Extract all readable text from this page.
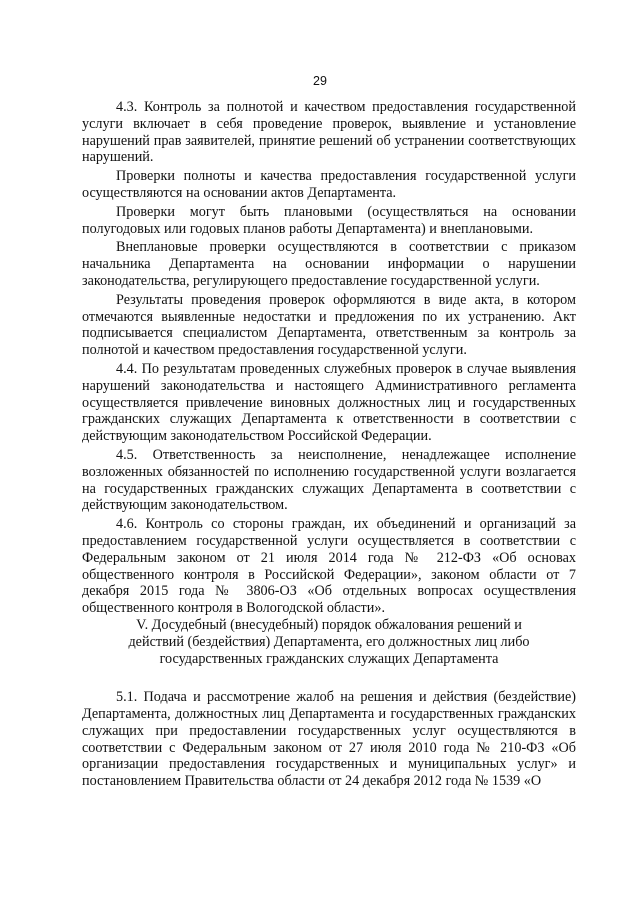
29

4.3. Контроль за полнотой и качеством предоставления государственной услуги включает в себя проведение проверок, выявление и установление нарушений прав заявителей, принятие решений об устранении соответствующих нарушений.

Проверки полноты и качества предоставления государственной услуги осуществляются на основании актов Департамента.

Проверки могут быть плановыми (осуществляться на основании полугодовых или годовых планов работы Департамента) и внеплановыми.

Внеплановые проверки осуществляются в соответствии с приказом начальника Департамента на основании информации о нарушении законодательства, регулирующего предоставление государственной услуги.

Результаты проведения проверок оформляются в виде акта, в котором отмечаются выявленные недостатки и предложения по их устранению. Акт подписывается специалистом Департамента, ответственным за контроль за полнотой и качеством предоставления государственной услуги.

4.4. По результатам проведенных служебных проверок в случае выявления нарушений законодательства и настоящего Административного регламента осуществляется привлечение виновных должностных лиц и государственных гражданских служащих Департамента к ответственности в соответствии с действующим законодательством Российской Федерации.

4.5. Ответственность за неисполнение, ненадлежащее исполнение возложенных обязанностей по исполнению государственной услуги возлагается на государственных гражданских служащих Департамента в соответствии с действующим законодательством.

4.6. Контроль со стороны граждан, их объединений и организаций за предоставлением государственной услуги осуществляется в соответствии с Федеральным законом от 21 июля 2014 года № 212-ФЗ «Об основах общественного контроля в Российской Федерации», законом области от 7 декабря 2015 года № 3806-ОЗ «Об отдельных вопросах осуществления общественного контроля в Вологодской области».

V. Досудебный (внесудебный) порядок обжалования решений и действий (бездействия) Департамента, его должностных лиц либо государственных гражданских служащих Департамента

5.1. Подача и рассмотрение жалоб на решения и действия (бездействие) Департамента, должностных лиц Департамента и государственных гражданских служащих при предоставлении государственных услуг осуществляются в соответствии с Федеральным законом от 27 июля 2010 года № 210-ФЗ «Об организации предоставления государственных и муниципальных услуг» и постановлением Правительства области от 24 декабря 2012 года № 1539 «О
